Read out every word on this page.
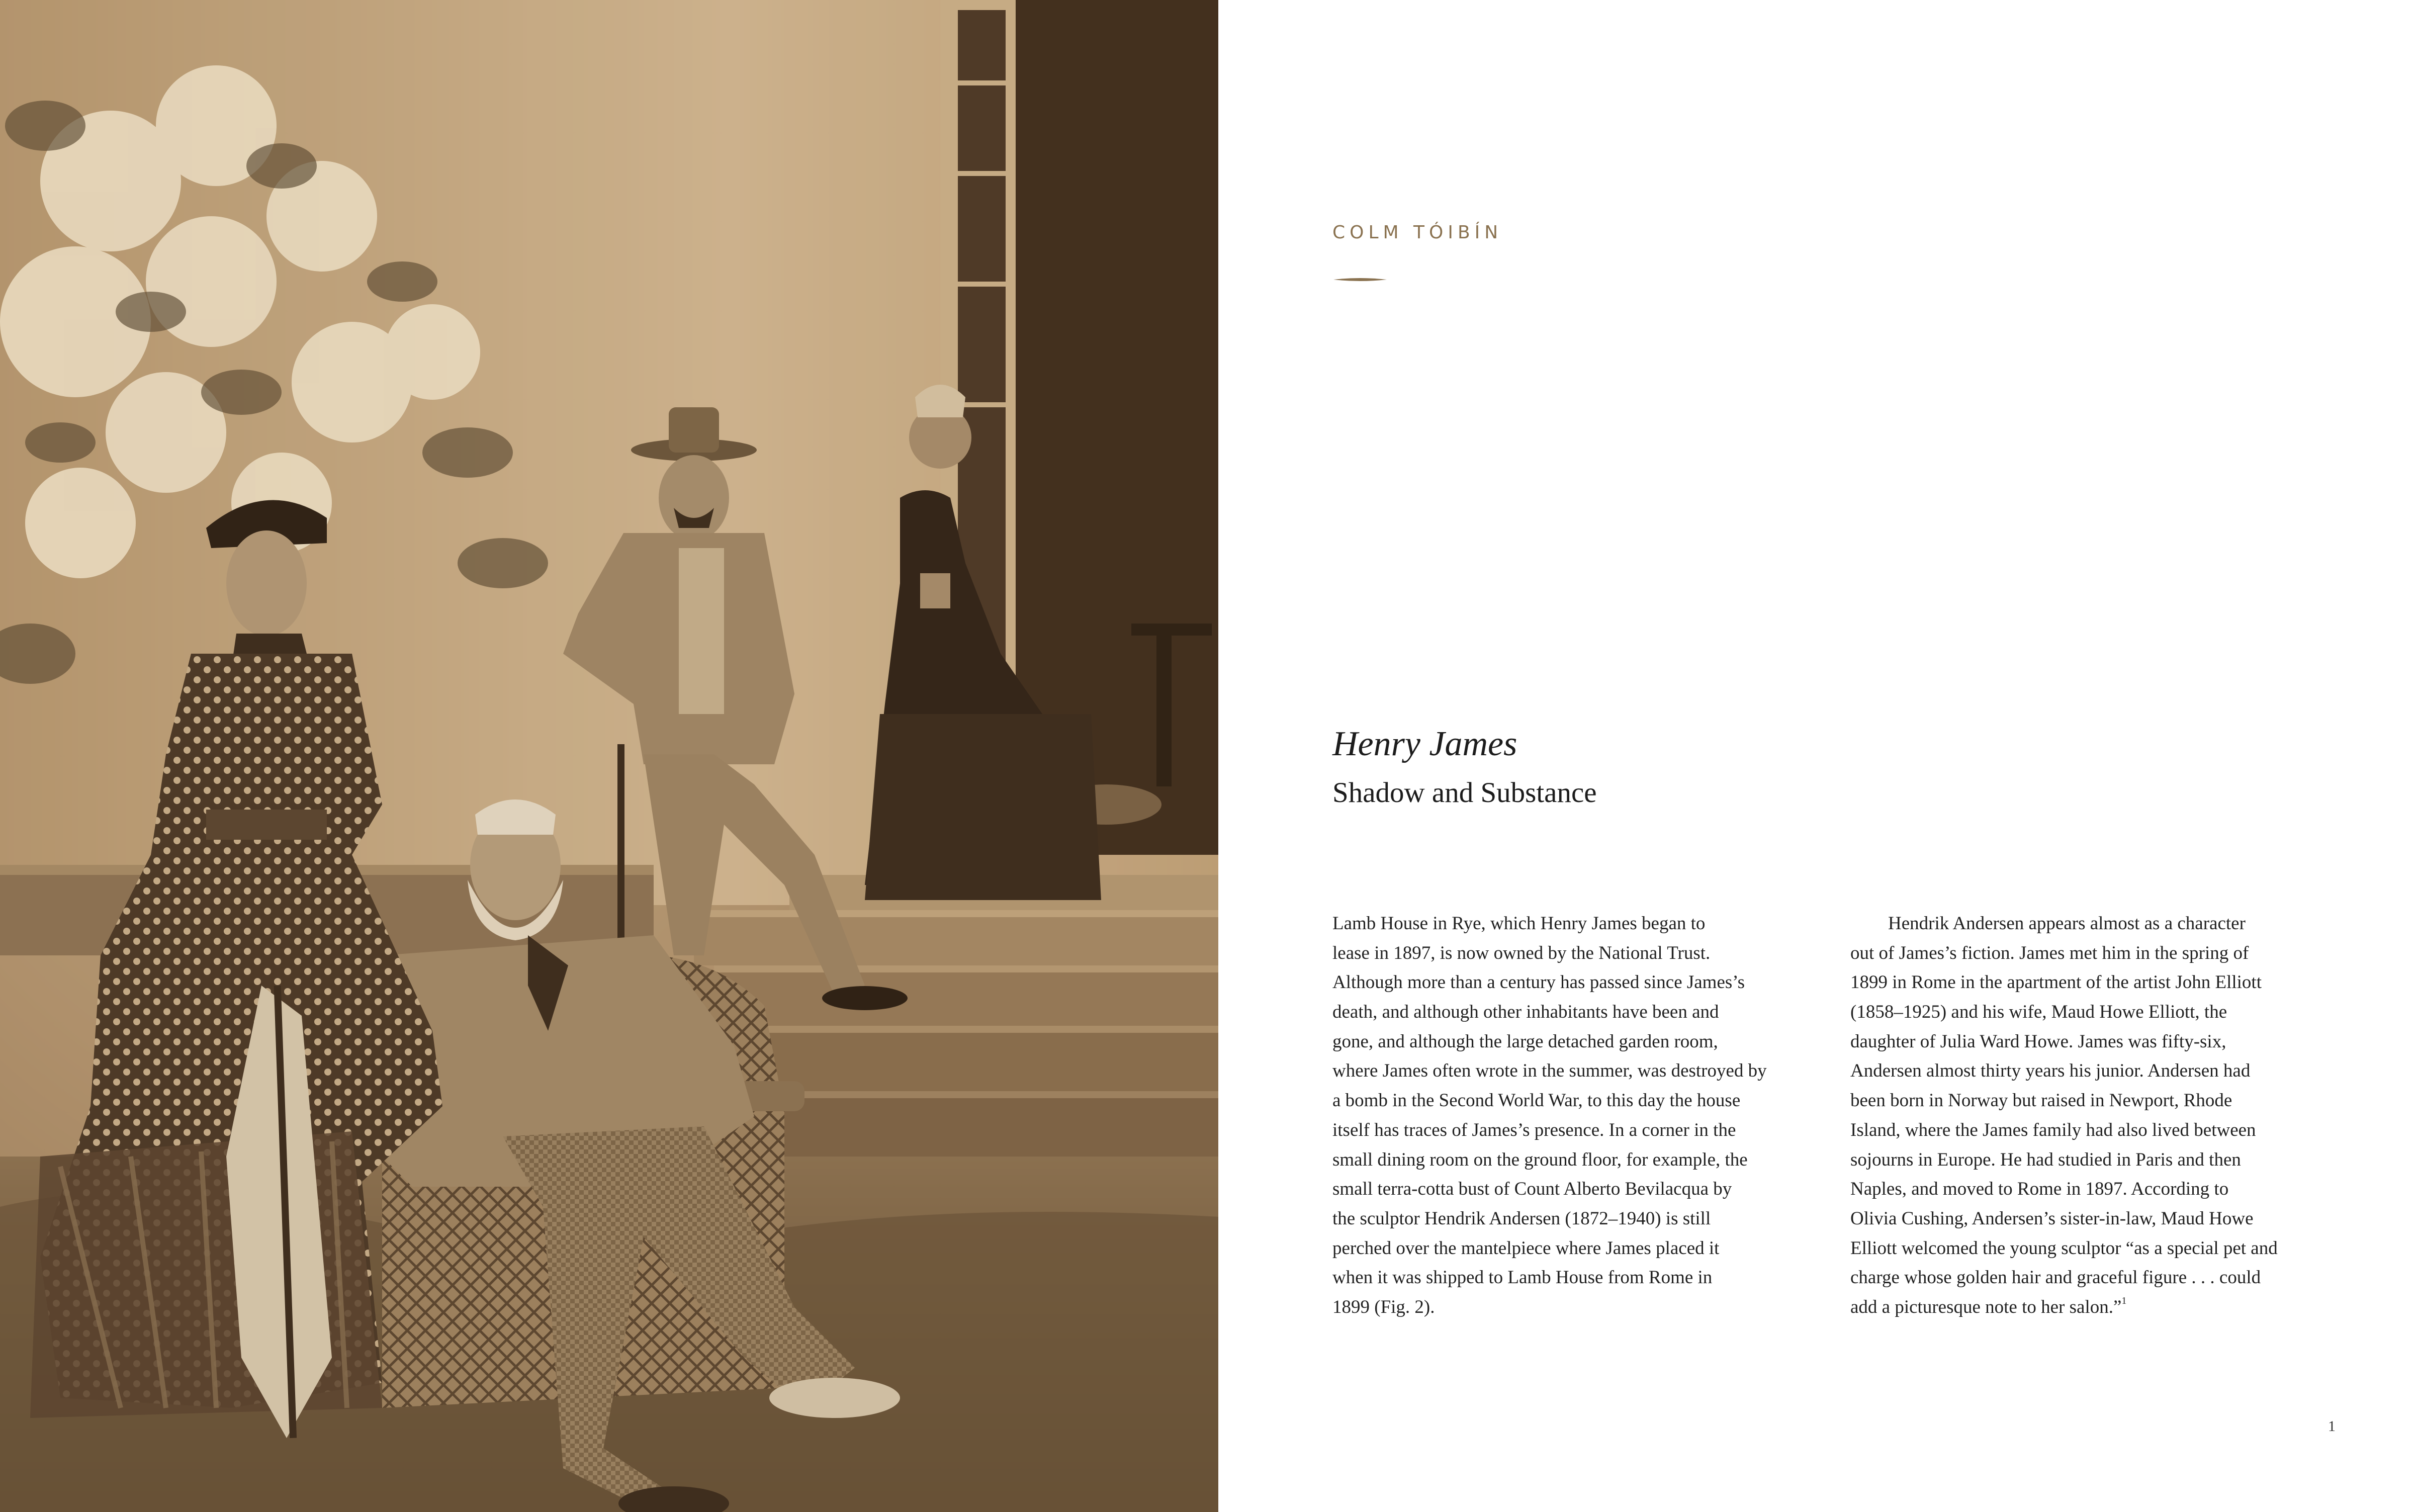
COLM TÓIBÍN
Henry James
Shadow and Substance
Lamb House in Rye, which Henry James began to
lease in 1897, is now owned by the National Trust.
Although more than a century has passed since James’s
death, and although other inhabitants have been and
gone, and although the large detached garden room,
where James often wrote in the summer, was destroyed by
a bomb in the Second World War, to this day the house
itself has traces of James’s presence. In a corner in the
small dining room on the ground floor, for example, the
small terra-cotta bust of Count Alberto Bevilacqua by
the sculptor Hendrik Andersen (1872–1940) is still
perched over the mantelpiece where James placed it
when it was shipped to Lamb House from Rome in
1899 (Fig. 2).
Hendrik Andersen appears almost as a character
out of James’s fiction. James met him in the spring of
1899 in Rome in the apartment of the artist John Elliott
(1858–1925) and his wife, Maud Howe Elliott, the
daughter of Julia Ward Howe. James was fifty-six,
Andersen almost thirty years his junior. Andersen had
been born in Norway but raised in Newport, Rhode
Island, where the James family had also lived between
sojourns in Europe. He had studied in Paris and then
Naples, and moved to Rome in 1897. According to
Olivia Cushing, Andersen’s sister-in-law, Maud Howe
Elliott welcomed the young sculptor “as a special pet and
charge whose golden hair and graceful figure . . . could
add a picturesque note to her salon.”$^1$
1
